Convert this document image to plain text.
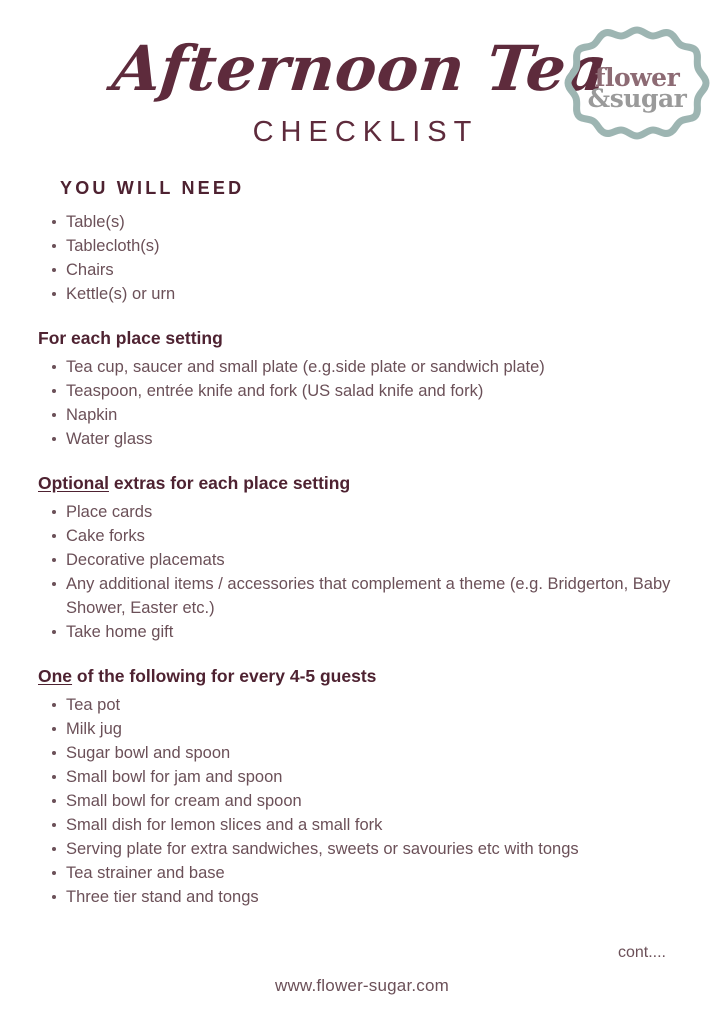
Afternoon Tea
CHECKLIST
flower
&sugar
YOU WILL NEED
Table(s)
Tablecloth(s)
Chairs
Kettle(s) or urn
For each place setting
Tea cup, saucer and small plate (e.g.side plate or sandwich plate)
Teaspoon, entrée knife and fork (US salad knife and fork)
Napkin
Water glass
Optional extras for each place setting
Place cards
Cake forks
Decorative placemats
Any additional items / accessories that complement a theme (e.g. Bridgerton, Baby Shower, Easter etc.)
Take home gift
One of the following for every 4-5 guests
Tea pot
Milk jug
Sugar bowl and spoon
Small bowl for jam and spoon
Small bowl for cream and spoon
Small dish for lemon slices and a small fork
Serving plate for extra sandwiches, sweets or savouries etc with tongs
Tea strainer and base
Three tier stand and tongs
cont....
www.flower-sugar.com
